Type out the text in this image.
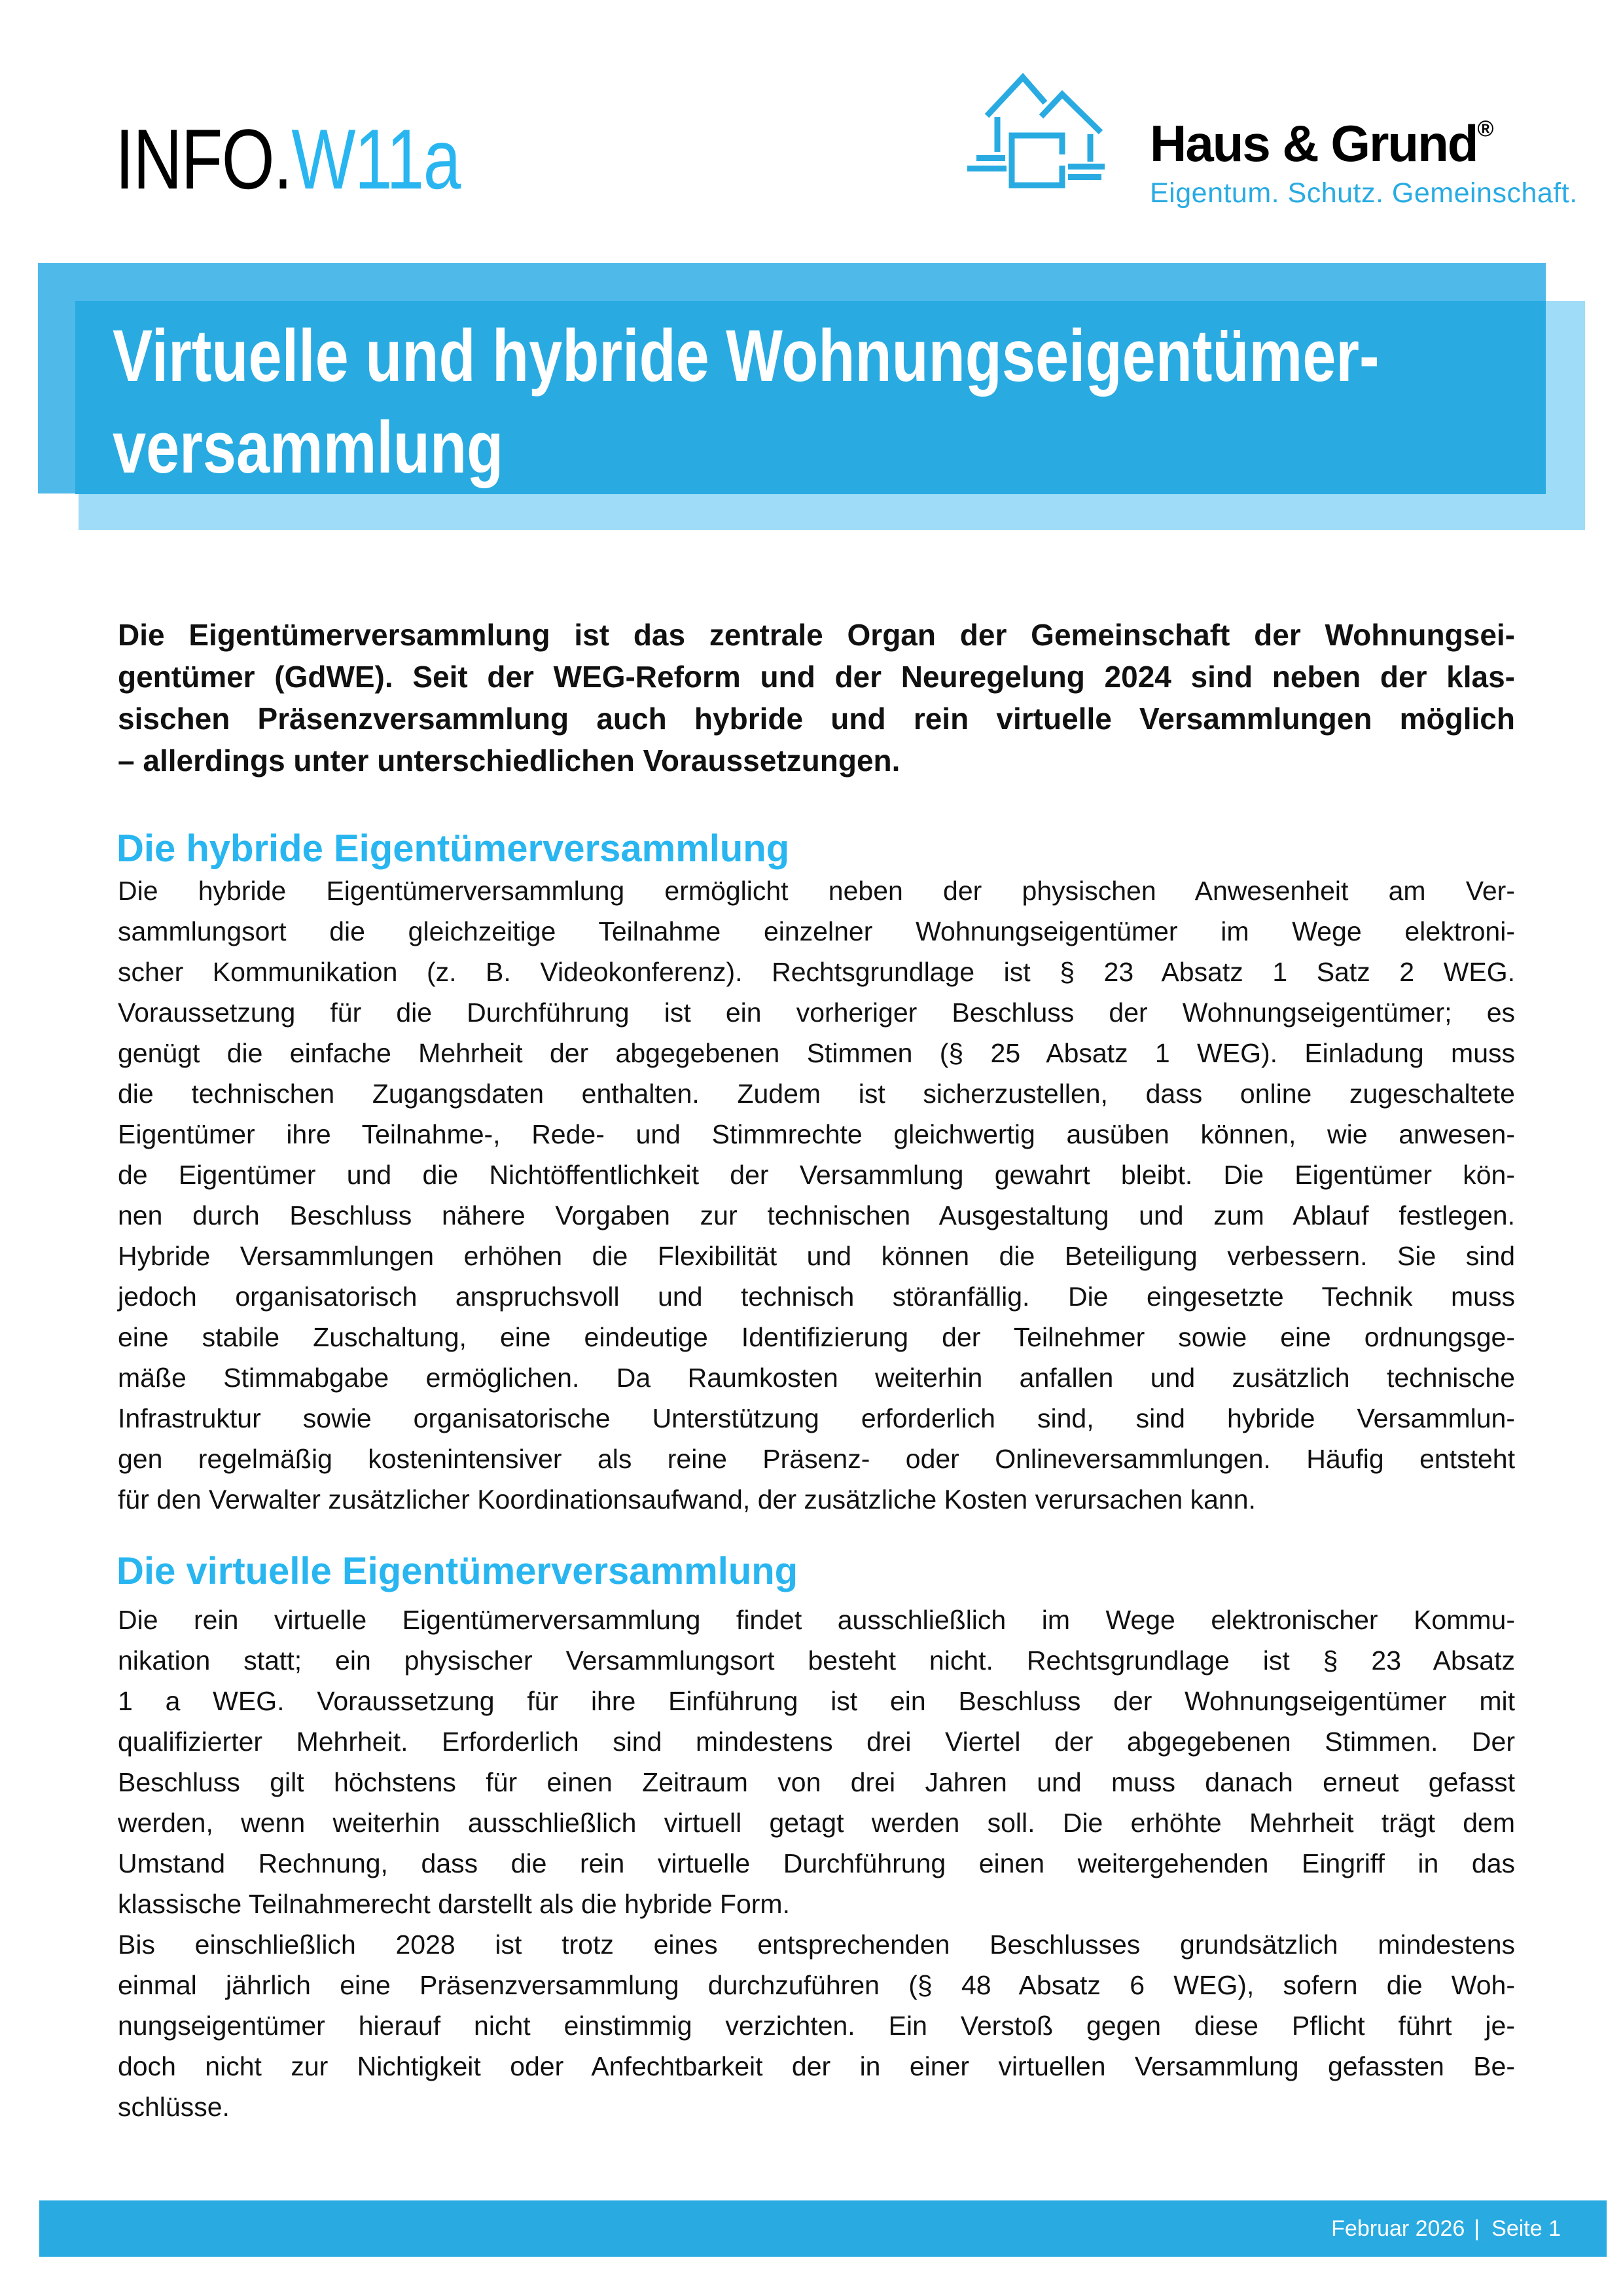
INFO.W11a	Haus & Grund®
Eigentum. Schutz. Gemeinschaft.
Virtuelle und hybride Wohnungseigentümer-
versammlung
Die Eigentümerversammlung ist das zentrale Organ der Gemeinschaft der Wohnungsei-
gentümer (GdWE). Seit der WEG-Reform und der Neuregelung 2024 sind neben der klas-
sischen Präsenzversammlung auch hybride und rein virtuelle Versammlungen möglich
– allerdings unter unterschiedlichen Voraussetzungen.
Die hybride Eigentümerversammlung
Die hybride Eigentümerversammlung ermöglicht neben der physischen Anwesenheit am Ver-
sammlungsort die gleichzeitige Teilnahme einzelner Wohnungseigentümer im Wege elektroni-
scher Kommunikation (z. B. Videokonferenz). Rechtsgrundlage ist § 23 Absatz 1 Satz 2 WEG.
Voraussetzung für die Durchführung ist ein vorheriger Beschluss der Wohnungseigentümer; es
genügt die einfache Mehrheit der abgegebenen Stimmen (§ 25 Absatz 1 WEG). Einladung muss
die technischen Zugangsdaten enthalten. Zudem ist sicherzustellen, dass online zugeschaltete
Eigentümer ihre Teilnahme-, Rede- und Stimmrechte gleichwertig ausüben können, wie anwesen-
de Eigentümer und die Nichtöffentlichkeit der Versammlung gewahrt bleibt. Die Eigentümer kön-
nen durch Beschluss nähere Vorgaben zur technischen Ausgestaltung und zum Ablauf festlegen.
Hybride Versammlungen erhöhen die Flexibilität und können die Beteiligung verbessern. Sie sind
jedoch organisatorisch anspruchsvoll und technisch störanfällig. Die eingesetzte Technik muss
eine stabile Zuschaltung, eine eindeutige Identifizierung der Teilnehmer sowie eine ordnungsge-
mäße Stimmabgabe ermöglichen. Da Raumkosten weiterhin anfallen und zusätzlich technische
Infrastruktur sowie organisatorische Unterstützung erforderlich sind, sind hybride Versammlun-
gen regelmäßig kostenintensiver als reine Präsenz- oder Onlineversammlungen. Häufig entsteht
für den Verwalter zusätzlicher Koordinationsaufwand, der zusätzliche Kosten verursachen kann.
Die virtuelle Eigentümerversammlung
Die rein virtuelle Eigentümerversammlung findet ausschließlich im Wege elektronischer Kommu-
nikation statt; ein physischer Versammlungsort besteht nicht. Rechtsgrundlage ist § 23 Absatz
1 a WEG. Voraussetzung für ihre Einführung ist ein Beschluss der Wohnungseigentümer mit
qualifizierter Mehrheit. Erforderlich sind mindestens drei Viertel der abgegebenen Stimmen. Der
Beschluss gilt höchstens für einen Zeitraum von drei Jahren und muss danach erneut gefasst
werden, wenn weiterhin ausschließlich virtuell getagt werden soll. Die erhöhte Mehrheit trägt dem
Umstand Rechnung, dass die rein virtuelle Durchführung einen weitergehenden Eingriff in das
klassische Teilnahmerecht darstellt als die hybride Form.
Bis einschließlich 2028 ist trotz eines entsprechenden Beschlusses grundsätzlich mindestens
einmal jährlich eine Präsenzversammlung durchzuführen (§ 48 Absatz 6 WEG), sofern die Woh-
nungseigentümer hierauf nicht einstimmig verzichten. Ein Verstoß gegen diese Pflicht führt je-
doch nicht zur Nichtigkeit oder Anfechtbarkeit der in einer virtuellen Versammlung gefassten Be-
schlüsse.
Februar 2026 | Seite 1
